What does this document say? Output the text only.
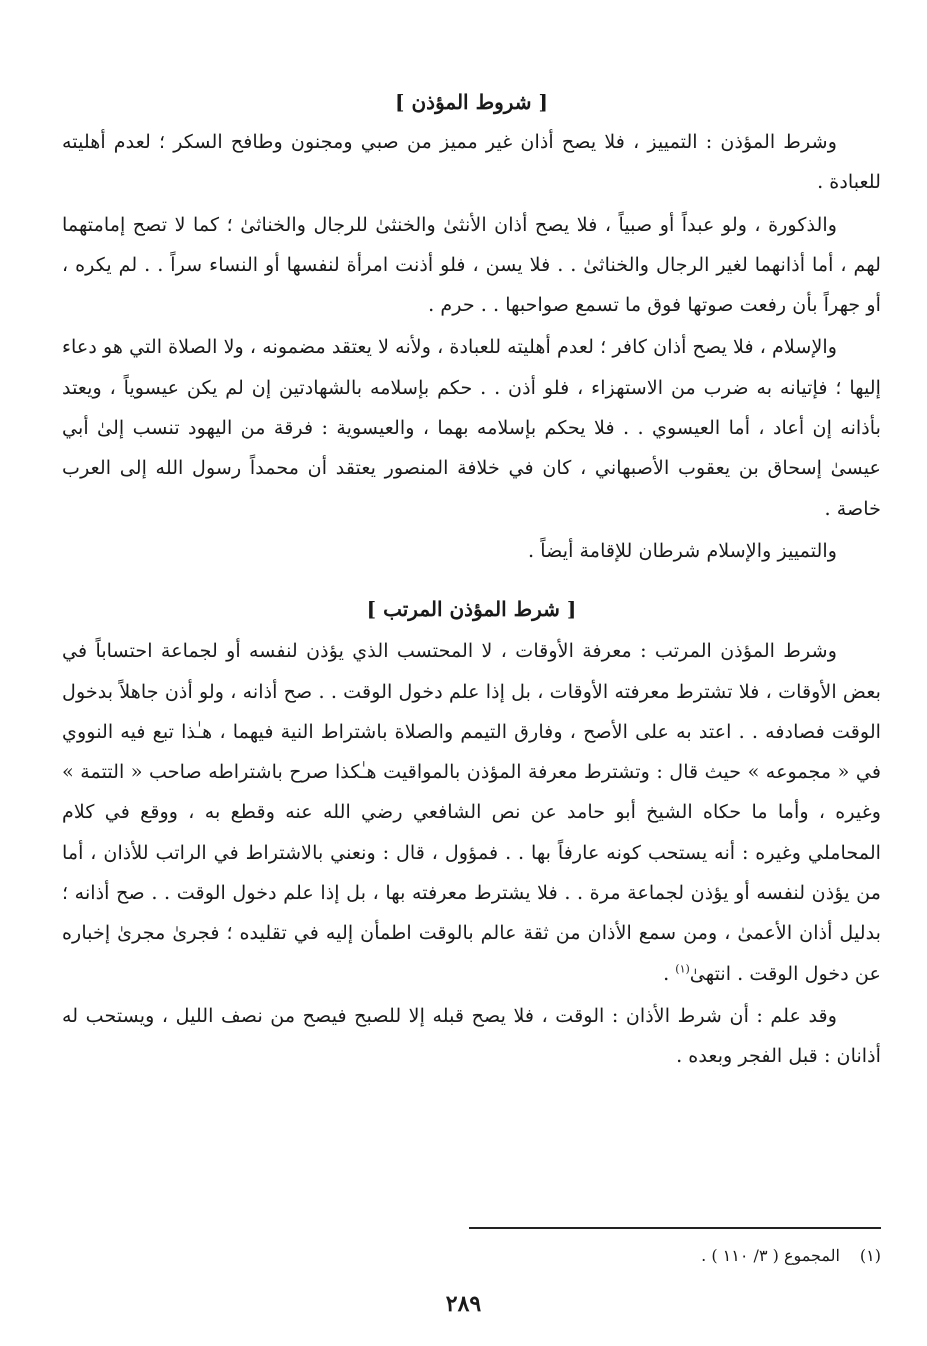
[ شروط المؤذن ]

وشرط المؤذن : التمييز ، فلا يصح أذان غير مميز من صبي ومجنون وطافح السكر ؛ لعدم أهليته للعبادة .

والذكورة ، ولو عبداً أو صبياً ، فلا يصح أذان الأنثىٰ والخنثىٰ للرجال والخناثىٰ ؛ كما لا تصح إمامتهما لهم ، أما أذانهما لغير الرجال والخناثىٰ . . فلا يسن ، فلو أذنت امرأة لنفسها أو النساء سراً . . لم يكره ، أو جهراً بأن رفعت صوتها فوق ما تسمع صواحبها . . حرم .

والإسلام ، فلا يصح أذان كافر ؛ لعدم أهليته للعبادة ، ولأنه لا يعتقد مضمونه ، ولا الصلاة التي هو دعاء إليها ؛ فإتيانه به ضرب من الاستهزاء ، فلو أذن . . حكم بإسلامه بالشهادتين إن لم يكن عيسوياً ، ويعتد بأذانه إن أعاد ، أما العيسوي . . فلا يحكم بإسلامه بهما ، والعيسوية : فرقة من اليهود تنسب إلىٰ أبي عيسىٰ إسحاق بن يعقوب الأصبهاني ، كان في خلافة المنصور يعتقد أن محمداً رسول الله إلى العرب خاصة .

والتمييز والإسلام شرطان للإقامة أيضاً .

[ شرط المؤذن المرتب ]

وشرط المؤذن المرتب : معرفة الأوقات ، لا المحتسب الذي يؤذن لنفسه أو لجماعة احتساباً في بعض الأوقات ، فلا تشترط معرفته الأوقات ، بل إذا علم دخول الوقت . . صح أذانه ، ولو أذن جاهلاً بدخول الوقت فصادفه . . اعتد به على الأصح ، وفارق التيمم والصلاة باشتراط النية فيهما ، هـٰذا تبع فيه النووي في « مجموعه » حيث قال : وتشترط معرفة المؤذن بالمواقيت هـٰكذا صرح باشتراطه صاحب « التتمة » وغيره ، وأما ما حكاه الشيخ أبو حامد عن نص الشافعي رضي الله عنه وقطع به ، ووقع في كلام المحاملي وغيره : أنه يستحب كونه عارفاً بها . . فمؤول ، قال : ونعني بالاشتراط في الراتب للأذان ، أما من يؤذن لنفسه أو يؤذن لجماعة مرة . . فلا يشترط معرفته بها ، بل إذا علم دخول الوقت . . صح أذانه ؛ بدليل أذان الأعمىٰ ، ومن سمع الأذان من ثقة عالم بالوقت اطمأن إليه في تقليده ؛ فجرىٰ مجرىٰ إخباره عن دخول الوقت . انتهىٰ$^{(١)}$ .

وقد علم : أن شرط الأذان : الوقت ، فلا يصح قبله إلا للصبح فيصح من نصف الليل ، ويستحب له أذانان : قبل الفجر وبعده .

(١)المجموع ( ٣/ ١١٠ ) .
٢٨٩
